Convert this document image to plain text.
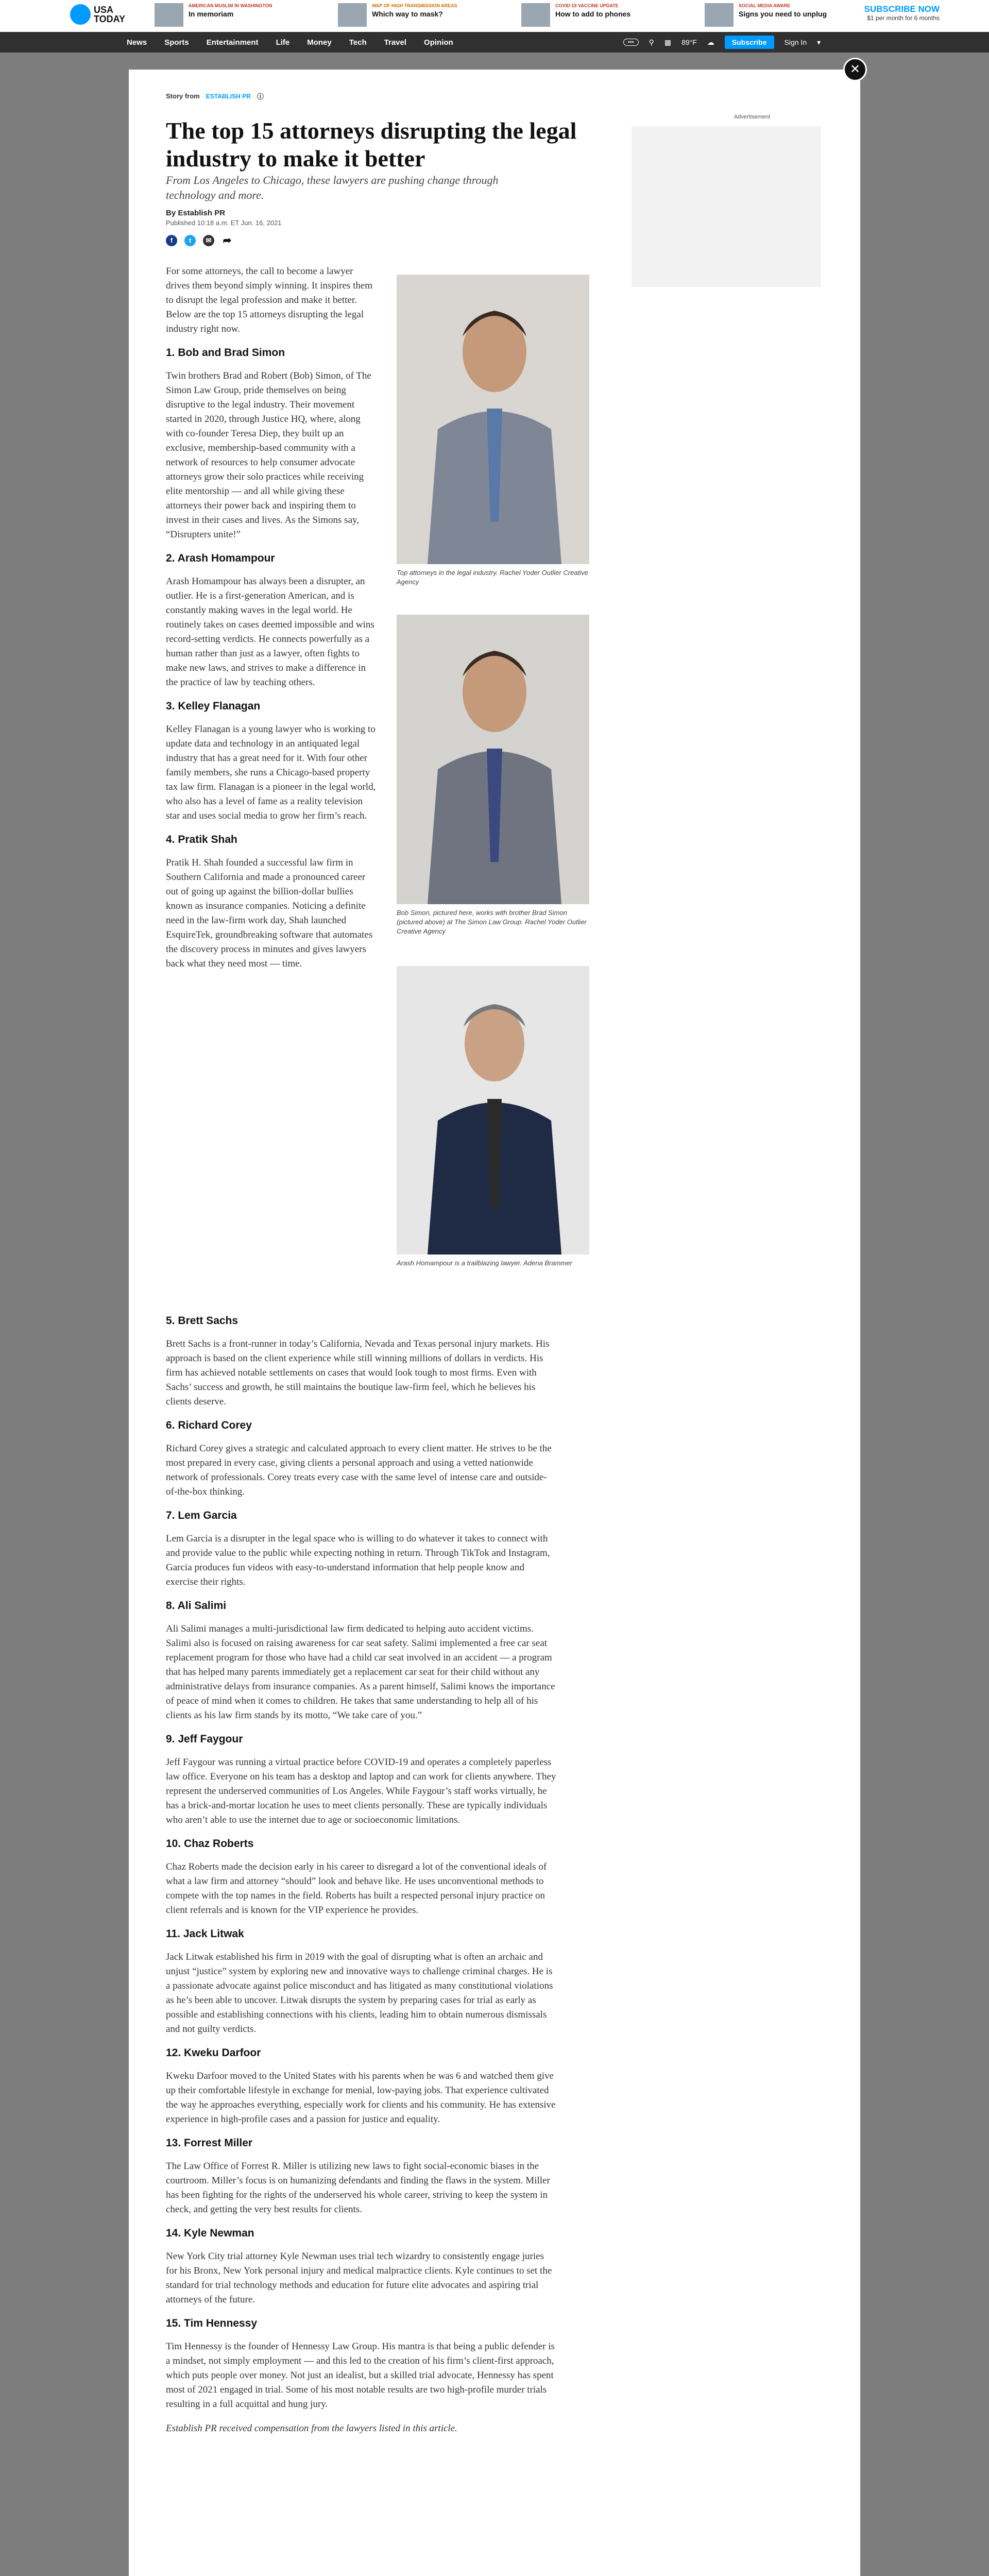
USA TODAY
AMERICAN MUSLIM IN WASHINGTON
In memoriam
WAP OF HIGH TRANSMISSION AREAS
Which way to mask?
COVID-19 VACCINE UPDATE
How to add to phones
SOCIAL MEDIA AWARE
Signs you need to unplug	SUBSCRIBE NOW
$1 per month for 6 months
News Sports Entertainment Life Money Tech Travel Opinion	•••	⚲ ▦ 89°F ☁	Subscribe	Sign In ▾
✕
Story from ESTABLISH PR ⓘ
Advertisement
The top 15 attorneys disrupting the legal industry to make it better
From Los Angeles to Chicago, these lawyers are pushing change through technology and more.
By Establish PR
Published 10:18 a.m. ET Jun. 16, 2021
f	t	✉ ➦
Top attorneys in the legal industry. Rachel Yoder Outlier Creative Agency
Bob Simon, pictured here, works with brother Brad Simon (pictured above) at The Simon Law Group. Rachel Yoder Outlier Creative Agency
Arash Homampour is a trailblazing lawyer. Adena Brammer

For some attorneys, the call to become a lawyer drives them beyond simply winning. It inspires them to disrupt the legal profession and make it better. Below are the top 15 attorneys disrupting the legal industry right now.

1. Bob and Brad Simon

Twin brothers Brad and Robert (Bob) Simon, of The Simon Law Group, pride themselves on being disruptive to the legal industry. Their movement started in 2020, through Justice HQ, where, along with co-founder Teresa Diep, they built up an exclusive, membership-based community with a network of resources to help consumer advocate attorneys grow their solo practices while receiving elite mentorship — and all while giving these attorneys their power back and inspiring them to invest in their cases and lives. As the Simons say, “Disrupters unite!”

2. Arash Homampour

Arash Homampour has always been a disrupter, an outlier. He is a first-generation American, and is constantly making waves in the legal world. He routinely takes on cases deemed impossible and wins record-setting verdicts. He connects powerfully as a human rather than just as a lawyer, often fights to make new laws, and strives to make a difference in the practice of law by teaching others.

3. Kelley Flanagan

Kelley Flanagan is a young lawyer who is working to update data and technology in an antiquated legal industry that has a great need for it. With four other family members, she runs a Chicago-based property tax law firm. Flanagan is a pioneer in the legal world, who also has a level of fame as a reality television star and uses social media to grow her firm’s reach.

4. Pratik Shah

Pratik H. Shah founded a successful law firm in Southern California and made a pronounced career out of going up against the billion-dollar bullies known as insurance companies. Noticing a definite need in the law-firm work day, Shah launched EsquireTek, groundbreaking software that automates the discovery process in minutes and gives lawyers back what they need most — time.

5. Brett Sachs

Brett Sachs is a front-runner in today’s California, Nevada and Texas personal injury markets. His approach is based on the client experience while still winning millions of dollars in verdicts. His firm has achieved notable settlements on cases that would look tough to most firms. Even with Sachs’ success and growth, he still maintains the boutique law-firm feel, which he believes his clients deserve.

6. Richard Corey

Richard Corey gives a strategic and calculated approach to every client matter. He strives to be the most prepared in every case, giving clients a personal approach and using a vetted nationwide network of professionals. Corey treats every case with the same level of intense care and outside-of-the-box thinking.

7. Lem Garcia

Lem Garcia is a disrupter in the legal space who is willing to do whatever it takes to connect with and provide value to the public while expecting nothing in return. Through TikTok and Instagram, Garcia produces fun videos with easy-to-understand information that help people know and exercise their rights.

8. Ali Salimi

Ali Salimi manages a multi-jurisdictional law firm dedicated to helping auto accident victims. Salimi also is focused on raising awareness for car seat safety. Salimi implemented a free car seat replacement program for those who have had a child car seat involved in an accident — a program that has helped many parents immediately get a replacement car seat for their child without any administrative delays from insurance companies. As a parent himself, Salimi knows the importance of peace of mind when it comes to children. He takes that same understanding to help all of his clients as his law firm stands by its motto, “We take care of you.”

9. Jeff Faygour

Jeff Faygour was running a virtual practice before COVID-19 and operates a completely paperless law office. Everyone on his team has a desktop and laptop and can work for clients anywhere. They represent the underserved communities of Los Angeles. While Faygour’s staff works virtually, he has a brick-and-mortar location he uses to meet clients personally. These are typically individuals who aren’t able to use the internet due to age or socioeconomic limitations.

10. Chaz Roberts

Chaz Roberts made the decision early in his career to disregard a lot of the conventional ideals of what a law firm and attorney “should” look and behave like. He uses unconventional methods to compete with the top names in the field. Roberts has built a respected personal injury practice on client referrals and is known for the VIP experience he provides.

11. Jack Litwak

Jack Litwak established his firm in 2019 with the goal of disrupting what is often an archaic and unjust “justice” system by exploring new and innovative ways to challenge criminal charges. He is a passionate advocate against police misconduct and has litigated as many constitutional violations as he’s been able to uncover. Litwak disrupts the system by preparing cases for trial as early as possible and establishing connections with his clients, leading him to obtain numerous dismissals and not guilty verdicts.

12. Kweku Darfoor

Kweku Darfoor moved to the United States with his parents when he was 6 and watched them give up their comfortable lifestyle in exchange for menial, low-paying jobs. That experience cultivated the way he approaches everything, especially work for clients and his community. He has extensive experience in high-profile cases and a passion for justice and equality.

13. Forrest Miller

The Law Office of Forrest R. Miller is utilizing new laws to fight social-economic biases in the courtroom. Miller’s focus is on humanizing defendants and finding the flaws in the system. Miller has been fighting for the rights of the underserved his whole career, striving to keep the system in check, and getting the very best results for clients.

14. Kyle Newman

New York City trial attorney Kyle Newman uses trial tech wizardry to consistently engage juries for his Bronx, New York personal injury and medical malpractice clients. Kyle continues to set the standard for trial technology methods and education for future elite advocates and aspiring trial attorneys of the future.

15. Tim Hennessy

Tim Hennessy is the founder of Hennessy Law Group. His mantra is that being a public defender is a mindset, not simply employment — and this led to the creation of his firm’s client-first approach, which puts people over money. Not just an idealist, but a skilled trial advocate, Hennessy has spent most of 2021 engaged in trial. Some of his most notable results are two high-profile murder trials resulting in a full acquittal and hung jury.

Establish PR received compensation from the lawyers listed in this article.
